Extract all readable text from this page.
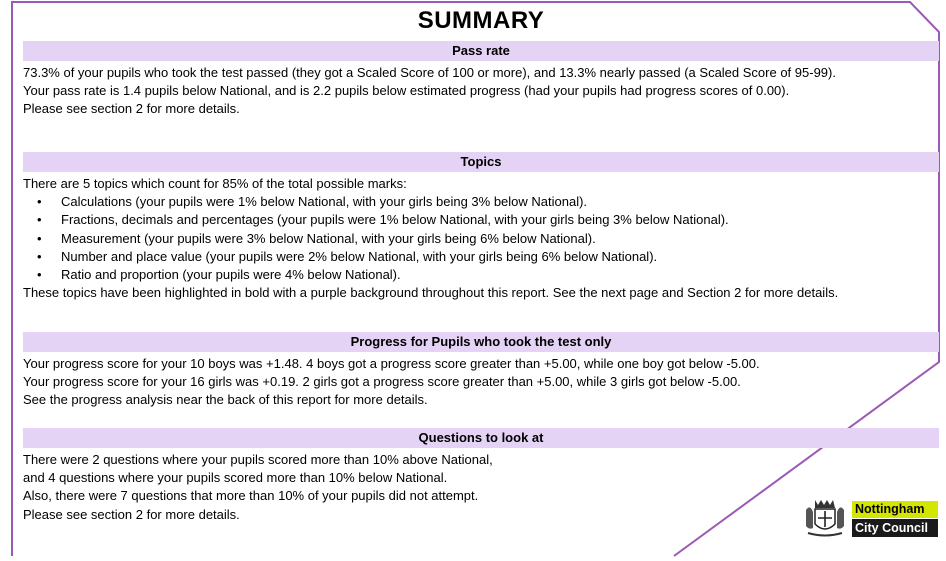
SUMMARY
Pass rate
73.3% of your pupils who took the test passed (they got a Scaled Score of 100 or more), and 13.3% nearly passed (a Scaled Score of 95-99).
Your pass rate is 1.4 pupils below National, and is 2.2 pupils below estimated progress (had your pupils had progress scores of 0.00).
Please see section 2 for more details.
Topics
There are 5 topics which count for 85% of the total possible marks:
• Calculations (your pupils were 1% below National, with your girls being 3% below National).
• Fractions, decimals and percentages (your pupils were 1% below National, with your girls being 3% below National).
• Measurement (your pupils were 3% below National, with your girls being 6% below National).
• Number and place value (your pupils were 2% below National, with your girls being 6% below National).
• Ratio and proportion (your pupils were 4% below National).
These topics have been highlighted in bold with a purple background throughout this report. See the next page and Section 2 for more details.
Progress for Pupils who took the test only
Your progress score for your 10 boys was +1.48. 4 boys got a progress score greater than +5.00, while one boy got below -5.00.
Your progress score for your 16 girls was +0.19. 2 girls got a progress score greater than +5.00, while 3 girls got below -5.00.
See the progress analysis near the back of this report for more details.
Questions to look at
There were 2 questions where your pupils scored more than 10% above National,
and 4 questions where your pupils scored more than 10% below National.
Also, there were 7 questions that more than 10% of your pupils did not attempt.
Please see section 2 for more details.	Nottingham
City Council
